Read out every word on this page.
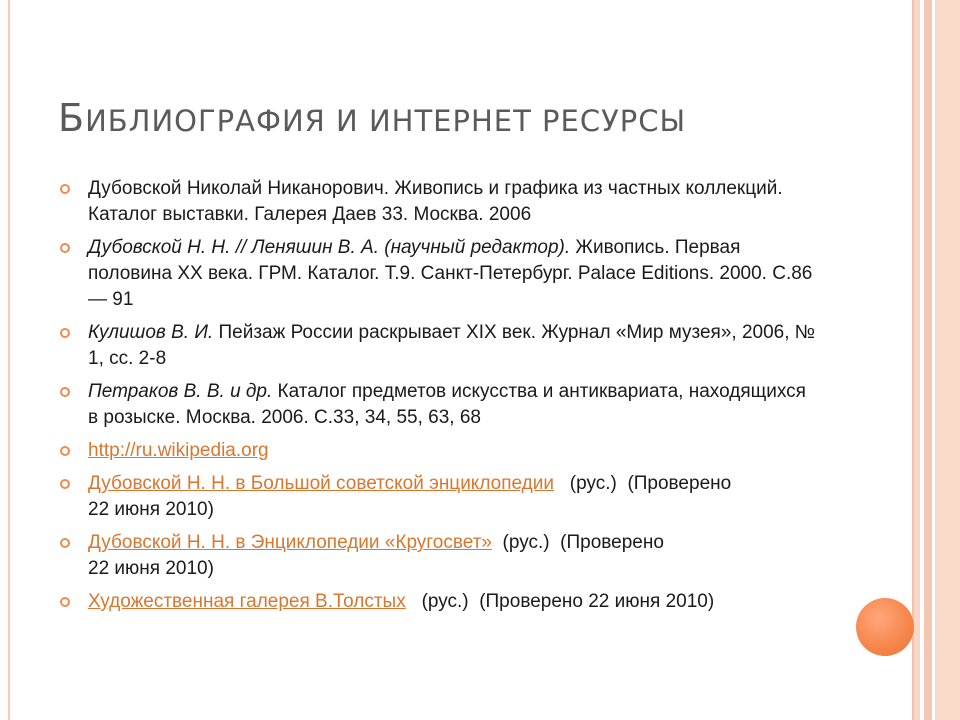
БИБЛИОГРАФИЯ И ИНТЕРНЕТ РЕСУРСЫ
Дубовской Николай Никанорович. Живопись и графика из частных коллекций. Каталог выставки. Галерея Даев 33. Москва. 2006
Дубовской Н. Н. // Леняшин В. А. (научный редактор). Живопись. Первая половина XX века. ГРМ. Каталог. Т.9. Санкт-Петербург. Palace Editions. 2000. С.86 — 91
Кулишов В. И. Пейзаж России раскрывает XIX век. Журнал «Мир музея», 2006, № 1, сс. 2-8
Петраков В. В. и др. Каталог предметов искусства и антиквариата, находящихся в розыске. Москва. 2006. С.33, 34, 55, 63, 68
http://ru.wikipedia.org
Дубовской Н. Н. в Большой советской энциклопедии (рус.) (Проверено
22 июня 2010)
Дубовской Н. Н. в Энциклопедии «Кругосвет» (рус.) (Проверено
22 июня 2010)
Художественная галерея В.Толстых (рус.) (Проверено 22 июня 2010)
